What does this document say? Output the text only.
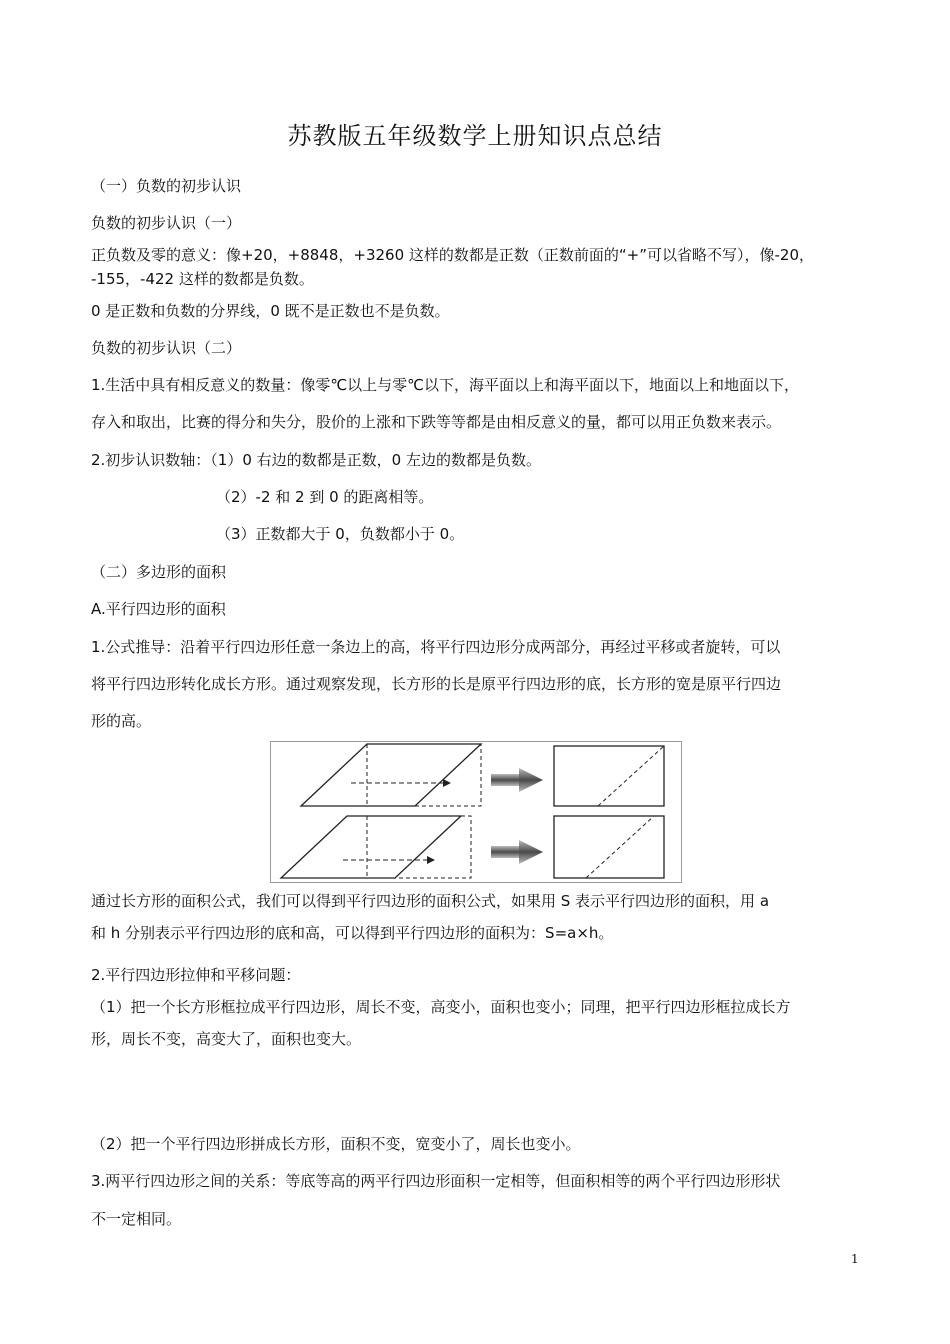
苏教版五年级数学上册知识点总结
（一）负数的初步认识
负数的初步认识（一）
正负数及零的意义：像+20，+8848，+3260 这样的数都是正数（正数前面的“+”可以省略不写），像-20，
-155，-422 这样的数都是负数。
0 是正数和负数的分界线，0 既不是正数也不是负数。
负数的初步认识（二）
1.生活中具有相反意义的数量：像零℃以上与零℃以下，海平面以上和海平面以下，地面以上和地面以下，
存入和取出，比赛的得分和失分，股价的上涨和下跌等等都是由相反意义的量，都可以用正负数来表示。
2.初步认识数轴：（1）0 右边的数都是正数，0 左边的数都是负数。
（2）-2 和 2 到 0 的距离相等。
（3）正数都大于 0，负数都小于 0。
（二）多边形的面积
A.平行四边形的面积
1.公式推导：沿着平行四边形任意一条边上的高，将平行四边形分成两部分，再经过平移或者旋转，可以
将平行四边形转化成长方形。通过观察发现，长方形的长是原平行四边形的底，长方形的宽是原平行四边
形的高。
通过长方形的面积公式，我们可以得到平行四边形的面积公式，如果用 S 表示平行四边形的面积，用 a
和 h 分别表示平行四边形的底和高，可以得到平行四边形的面积为：S=a×h。
2.平行四边形拉伸和平移问题：
（1）把一个长方形框拉成平行四边形，周长不变，高变小，面积也变小；同理，把平行四边形框拉成长方
形，周长不变，高变大了，面积也变大。
（2）把一个平行四边形拼成长方形，面积不变，宽变小了，周长也变小。
3.两平行四边形之间的关系：等底等高的两平行四边形面积一定相等，但面积相等的两个平行四边形形状
不一定相同。
1
